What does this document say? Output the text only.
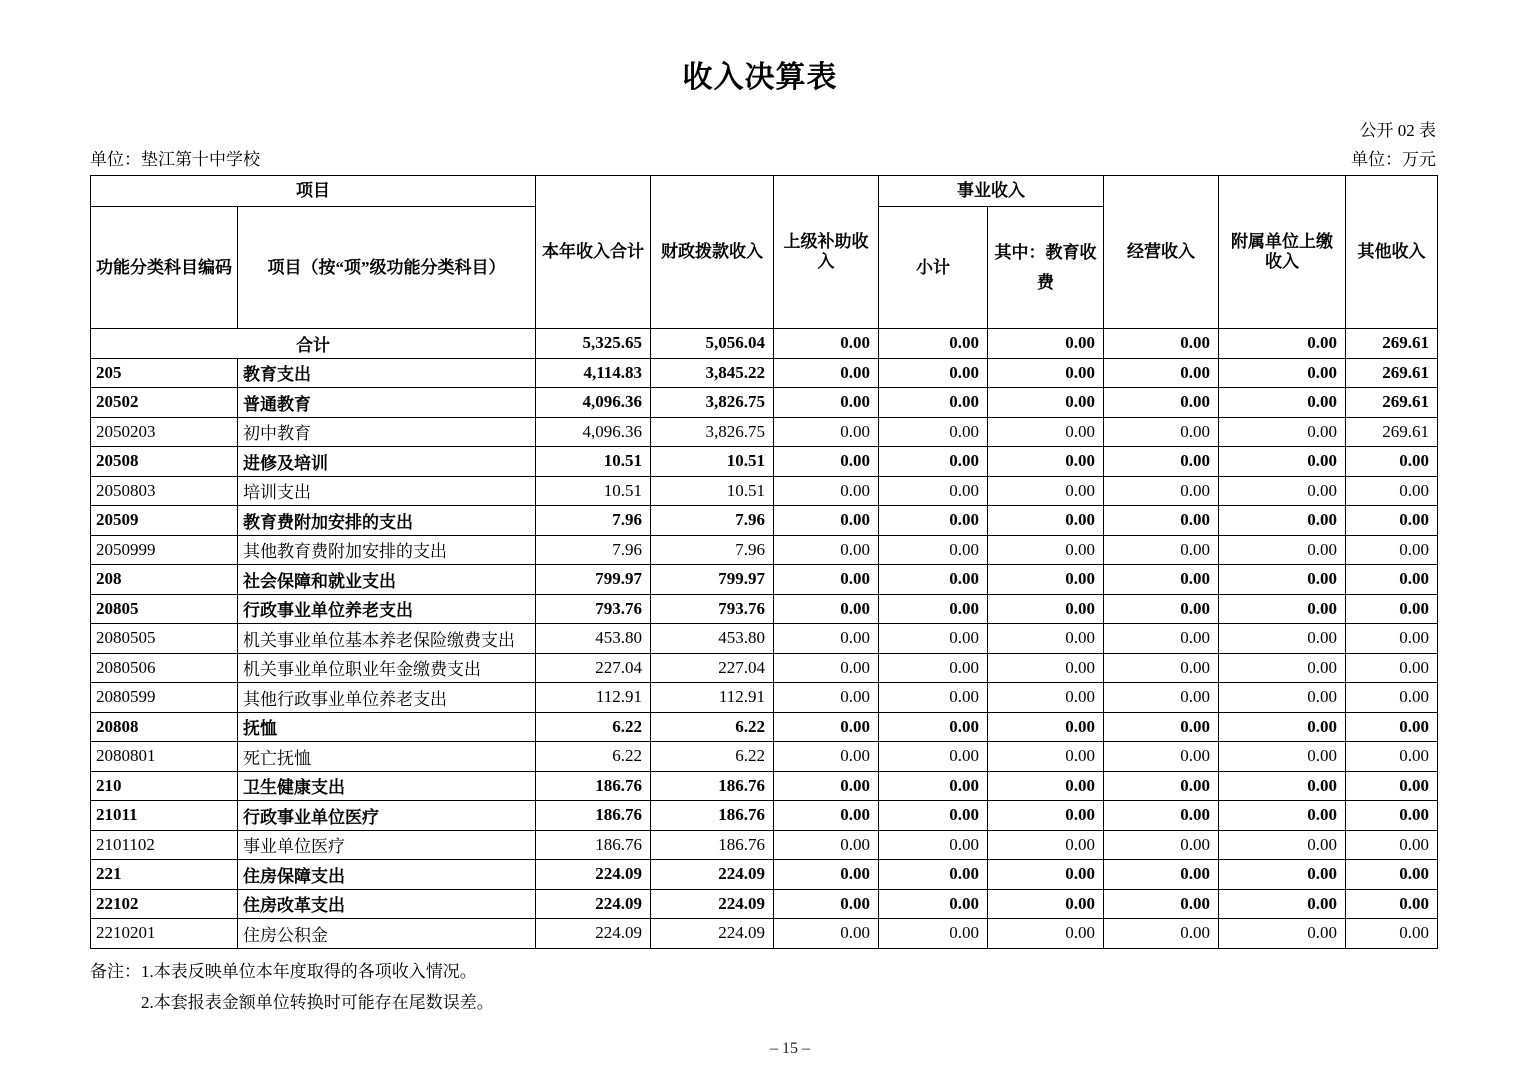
收入决算表
公开 02 表
单位：垫江第十中学校	单位：万元
项目		本年收入合计	财政拨款收入	上级补助收入	事业收入		经营收入	附属单位上缴收入	其他收入
功能分类科目编码	项目（按“项”级功能分类科目）				小计	其中：教育收费			
合计		5,325.65	5,056.04	0.00	0.00	0.00	0.00	0.00	269.61
205	教育支出	4,114.83	3,845.22	0.00	0.00	0.00	0.00	0.00	269.61
20502	普通教育	4,096.36	3,826.75	0.00	0.00	0.00	0.00	0.00	269.61
2050203	初中教育	4,096.36	3,826.75	0.00	0.00	0.00	0.00	0.00	269.61
20508	进修及培训	10.51	10.51	0.00	0.00	0.00	0.00	0.00	0.00
2050803	培训支出	10.51	10.51	0.00	0.00	0.00	0.00	0.00	0.00
20509	教育费附加安排的支出	7.96	7.96	0.00	0.00	0.00	0.00	0.00	0.00
2050999	其他教育费附加安排的支出	7.96	7.96	0.00	0.00	0.00	0.00	0.00	0.00
208	社会保障和就业支出	799.97	799.97	0.00	0.00	0.00	0.00	0.00	0.00
20805	行政事业单位养老支出	793.76	793.76	0.00	0.00	0.00	0.00	0.00	0.00
2080505	机关事业单位基本养老保险缴费支出	453.80	453.80	0.00	0.00	0.00	0.00	0.00	0.00
2080506	机关事业单位职业年金缴费支出	227.04	227.04	0.00	0.00	0.00	0.00	0.00	0.00
2080599	其他行政事业单位养老支出	112.91	112.91	0.00	0.00	0.00	0.00	0.00	0.00
20808	抚恤	6.22	6.22	0.00	0.00	0.00	0.00	0.00	0.00
2080801	死亡抚恤	6.22	6.22	0.00	0.00	0.00	0.00	0.00	0.00
210	卫生健康支出	186.76	186.76	0.00	0.00	0.00	0.00	0.00	0.00
21011	行政事业单位医疗	186.76	186.76	0.00	0.00	0.00	0.00	0.00	0.00
2101102	事业单位医疗	186.76	186.76	0.00	0.00	0.00	0.00	0.00	0.00
221	住房保障支出	224.09	224.09	0.00	0.00	0.00	0.00	0.00	0.00
22102	住房改革支出	224.09	224.09	0.00	0.00	0.00	0.00	0.00	0.00
2210201	住房公积金	224.09	224.09	0.00	0.00	0.00	0.00	0.00	0.00
备注：1.本表反映单位本年度取得的各项收入情况。
2.本套报表金额单位转换时可能存在尾数误差。
– 15 –
